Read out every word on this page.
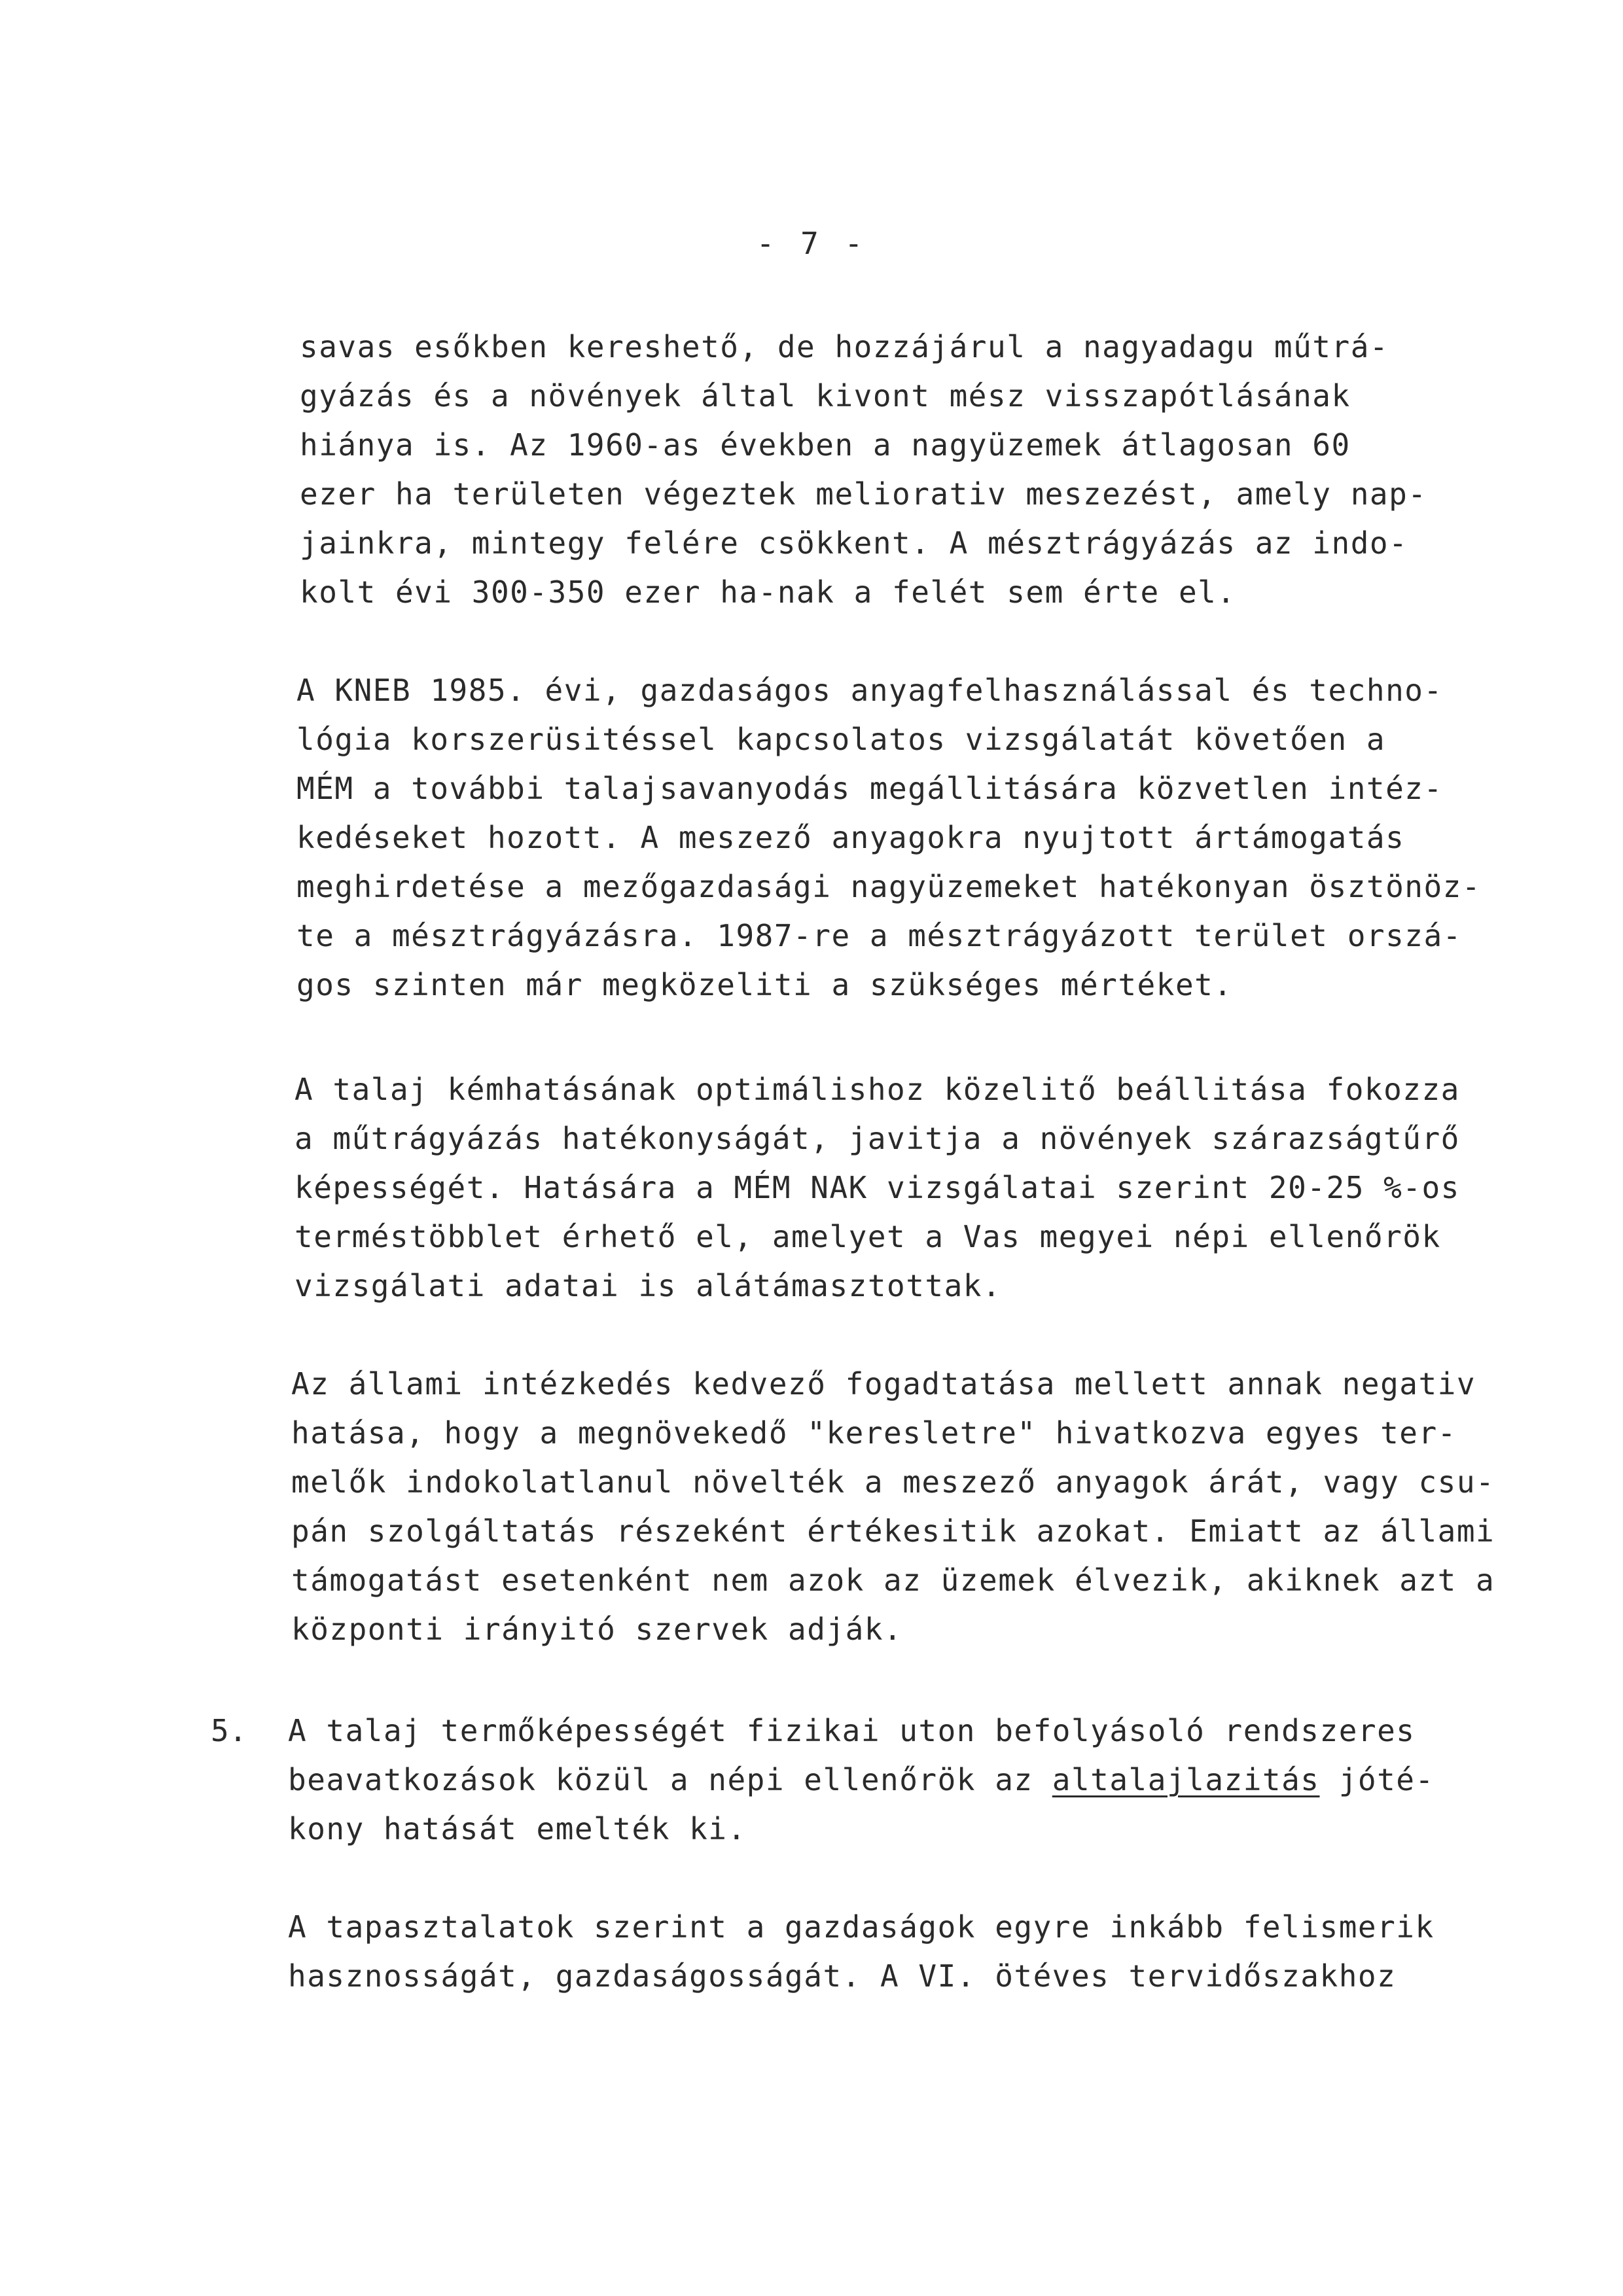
- 7 -
savas esőkben kereshető, de hozzájárul a nagyadagu műtrá-
gyázás és a növények által kivont mész visszapótlásának
hiánya is. Az 1960-as években a nagyüzemek átlagosan 60
ezer ha területen végeztek meliorativ meszezést, amely nap-
jainkra, mintegy felére csökkent. A mésztrágyázás az indo-
kolt évi 300-350 ezer ha-nak a felét sem érte el.
A KNEB 1985. évi, gazdaságos anyagfelhasználással és techno-
lógia korszerüsitéssel kapcsolatos vizsgálatát követően a
MÉM a további talajsavanyodás megállitására közvetlen intéz-
kedéseket hozott. A meszező anyagokra nyujtott ártámogatás
meghirdetése a mezőgazdasági nagyüzemeket hatékonyan ösztönöz-
te a mésztrágyázásra. 1987-re a mésztrágyázott terület orszá-
gos szinten már megközeliti a szükséges mértéket.
A talaj kémhatásának optimálishoz közelitő beállitása fokozza
a műtrágyázás hatékonyságát, javitja a növények szárazságtűrő
képességét. Hatására a MÉM NAK vizsgálatai szerint 20-25 %-os
terméstöbblet érhető el, amelyet a Vas megyei népi ellenőrök
vizsgálati adatai is alátámasztottak.
Az állami intézkedés kedvező fogadtatása mellett annak negativ
hatása, hogy a megnövekedő "keresletre" hivatkozva egyes ter-
melők indokolatlanul növelték a meszező anyagok árát, vagy csu-
pán szolgáltatás részeként értékesitik azokat. Emiatt az állami
támogatást esetenként nem azok az üzemek élvezik, akiknek azt a
központi irányitó szervek adják.
5. A talaj termőképességét fizikai uton befolyásoló rendszeres
beavatkozások közül a népi ellenőrök az altalajlazitás jóté-
kony hatását emelték ki.
A tapasztalatok szerint a gazdaságok egyre inkább felismerik
hasznosságát, gazdaságosságát. A VI. ötéves tervidőszakhoz
